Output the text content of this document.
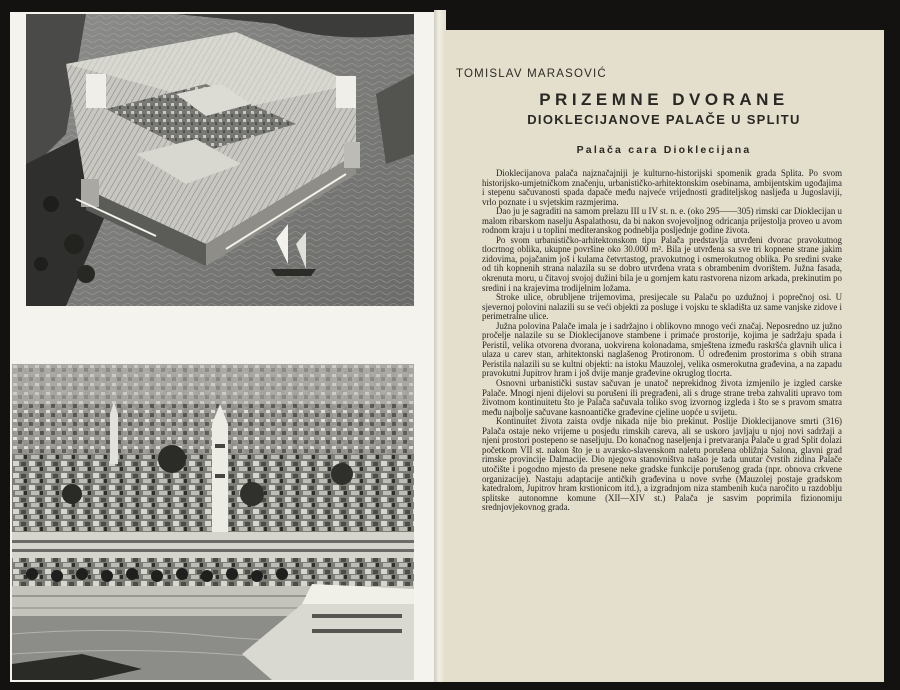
TOMISLAV MARASOVIĆ

PRIZEMNE DVORANE
DIOKLECIJANOVE PALAČE U SPLITU
Palača cara Dioklecijana

Dioklecijanova palača najznačajniji je kulturno-historijski spomenik grada Splita. Po svom historijsko-umjetničkom značenju, urbanističko-arhitektonskim osebinama, ambijentskim ugođajima i stepenu sačuvanosti spada dapače među najveće vrijednosti graditeljskog nasljeđa u Jugoslaviji, vrlo poznate i u svjetskim razmjerima.

Dao ju je sagraditi na samom prelazu III u IV st. n. e. (oko 295——305) rimski car Dioklecijan u malom ribarskom naselju Aspalathosu, da bi nakon svojevoljnog odricanja prijestolja proveo u avom rodnom kraju i u toplini mediteranskog podneblja posljednje godine života.

Po svom urbanističko-arhitektonskom tipu Palača predstavlja utvrđeni dvorac pravokutnog tlocrtnog oblika, ukupne površine oko 30.000 m². Bila je utvrđena sa sve tri kopnene strane jakim zidovima, pojačanim još i kulama četvrtastog, pravokutnog i osmerokutnog oblika. Po sredini svake od tih kopnenih strana nalazila su se dobro utvrđena vrata s obrambenim dvorištem. Južna fasada, okrenuta moru, u čitavoj svojoj dužini bila je u gornjem katu rastvorena nizom arkada, prekinutim po sredini i na krajevima trodijelnim ložama.

Stroke ulice, obrubljene trijemovima, presijecale su Palaču po uzdužnoj i poprečnoj osi. U sjevernoj polovini nalazili su se veći objekti za posluge i vojsku te skladišta uz same vanjske zidove i perimetralne ulice.

Južna polovina Palače imala je i sadržajno i oblikovno mnogo veći značaj. Neposredno uz južno pročelje nalazile su se Dioklecijanove stambene i primaće prostorije, kojima je sadržaju spada i Peristil, velika otvorena dvorana, uokvirena kolonadama, smještena između raskršća glavnih ulica i ulaza u carev stan, arhitektonski naglašenog Protironom. U određenim prostorima s obih strana Peristila nalazili su se kultni objekti: na istoku Mauzolej, velika osmerokutna građevina, a na zapadu pravokutni Jupitrov hram i još dvije manje građevine okruglog tlocrta.

Osnovni urbanistički sustav sačuvan je unatoč neprekidnog života izmjenilo je izgled carske Palače. Mnogi njeni dijelovi su porušeni ili pregrađeni, ali s druge strane treba zahvaliti upravo tom životnom kontinuitetu što je Palača sačuvala toliko svog izvornog izgleda i što se s pravom smatra među najbolje sačuvane kasnoantičke građevine cjeline uopće u svijetu.

Kontinuitet života zaista ovdje nikada nije bio prekinut. Poslije Dioklecijanove smrti (316) Palača ostaje neko vrijeme u posjedu rimskih careva, ali se uskoro javljaju u njoj novi sadržaji a njeni prostori postepeno se naseljuju. Do konačnog naseljenja i pretvaranja Palače u grad Split dolazi početkom VII st. nakon što je u avarsko-slavenskom naletu porušena obližnja Salona, glavni grad rimske provincije Dalmacije. Dio njegova stanovništva našao je tada unutar čvrstih zidina Palače utočište i pogodno mjesto da presene neke gradske funkcije porušenog grada (npr. obnova crkvene organizacije). Nastaju adaptacije antičkih građevina u nove svrhe (Mauzolej postaje gradskom katedralom, Jupitrov hram krstionicom itd.), a izgradnjom niza stambenih kuća naročito u razdoblju splitske autonomne komune (XII—XIV st.) Palača je sasvim poprimila fizionomiju srednjovjekovnog grada.
